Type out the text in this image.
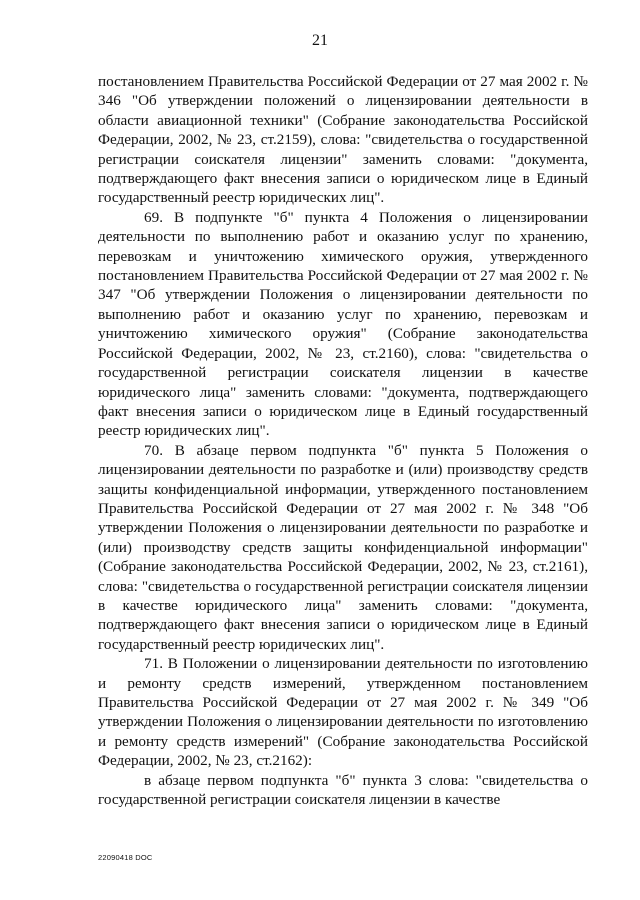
21

постановлением Правительства Российской Федерации от 27 мая 2002 г. № 346 "Об утверждении положений о лицензировании деятельности в области авиационной техники" (Собрание законодательства Российской Федерации, 2002, № 23, ст.2159), слова: "свидетельства о государственной регистрации соискателя лицензии" заменить словами: "документа, подтверждающего факт внесения записи о юридическом лице в Единый государственный реестр юридических лиц".

69. В подпункте "б" пункта 4 Положения о лицензировании деятельности по выполнению работ и оказанию услуг по хранению, перевозкам и уничтожению химического оружия, утвержденного постановлением Правительства Российской Федерации от 27 мая 2002 г. № 347 "Об утверждении Положения о лицензировании деятельности по выполнению работ и оказанию услуг по хранению, перевозкам и уничтожению химического оружия" (Собрание законодательства Российской Федерации, 2002, № 23, ст.2160), слова: "свидетельства о государственной регистрации соискателя лицензии в качестве юридического лица" заменить словами: "документа, подтверждающего факт внесения записи о юридическом лице в Единый государственный реестр юридических лиц".

70. В абзаце первом подпункта "б" пункта 5 Положения о лицензировании деятельности по разработке и (или) производству средств защиты конфиденциальной информации, утвержденного постановлением Правительства Российской Федерации от 27 мая 2002 г. № 348 "Об утверждении Положения о лицензировании деятельности по разработке и (или) производству средств защиты конфиденциальной информации" (Собрание законодательства Российской Федерации, 2002, № 23, ст.2161), слова: "свидетельства о государственной регистрации соискателя лицензии в качестве юридического лица" заменить словами: "документа, подтверждающего факт внесения записи о юридическом лице в Единый государственный реестр юридических лиц".

71. В Положении о лицензировании деятельности по изготовлению и ремонту средств измерений, утвержденном постановлением Правительства Российской Федерации от 27 мая 2002 г. № 349 "Об утверждении Положения о лицензировании деятельности по изготовлению и ремонту средств измерений" (Собрание законодательства Российской Федерации, 2002, № 23, ст.2162):

в абзаце первом подпункта "б" пункта 3 слова: "свидетельства о государственной регистрации соискателя лицензии в качестве

22090418 DOC
